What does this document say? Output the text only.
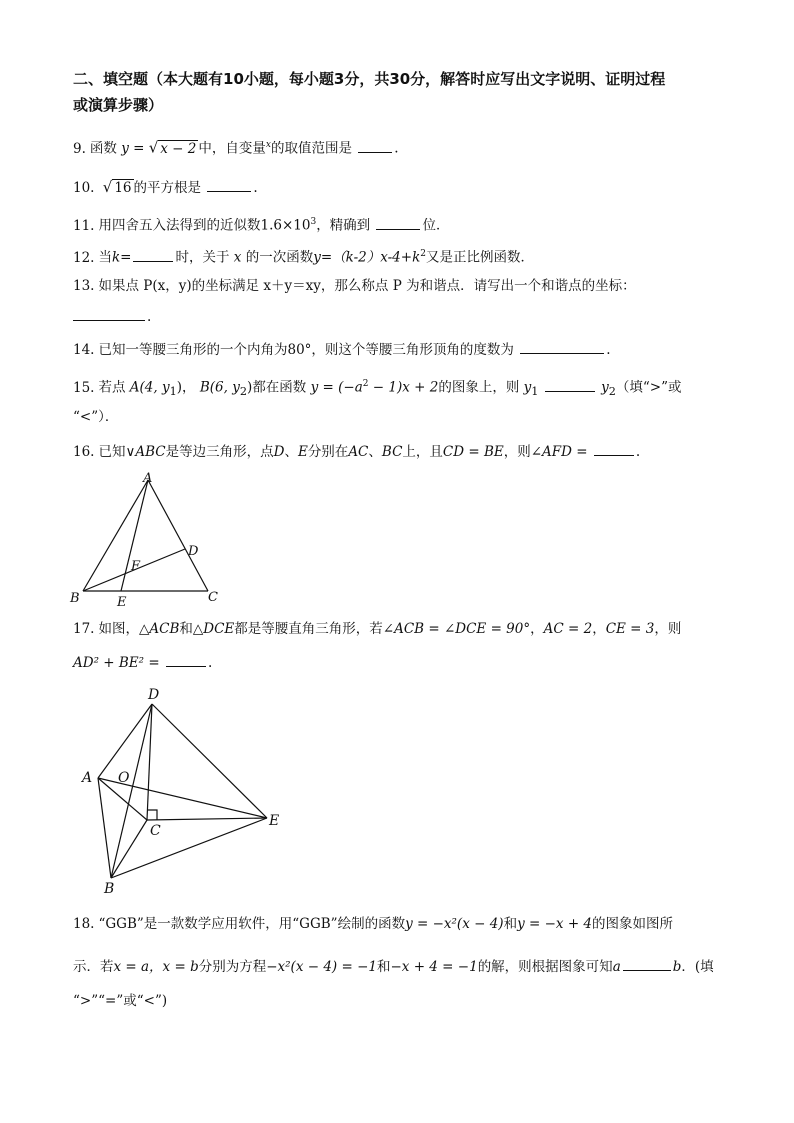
二、填空题（本大题有10小题，每小题3分，共30分，解答时应写出文字说明、证明过程
或演算步骤）
9. 函数 y = √ x − 2 中，自变量$^x$的取值范围是	.
10. √ 16 的平方根是	.
11. 用四舍五入法得到的近似数$1.6\times 10^3$，精确到	位．
12. 当k=	时，关于 x 的一次函数$y=(k-2)x-4+k^2$又是正比例函数．
13. 如果点 P(x，y)的坐标满足 x＋y＝xy，那么称点 P 为和谐点．请写出一个和谐点的坐标：
.
14. 已知一等腰三角形的一个内角为80°，则这个等腰三角形顶角的度数为	.
15. 若点 A(4, $y_1$)， B(6, $y_2$)都在函数 $y = (-a^2 - 1)x + 2$的图象上，则 $y_1$	$y_2$（填“>”或
“<”）．
16. 已知∨ABC是等边三角形，点D、E分别在AC、BC上，且CD = BE，则∠AFD =	.
A
B	C
D
E
F
17. 如图，△ACB和△DCE都是等腰直角三角形，若∠ACB = ∠DCE = 90°，AC = 2，CE = 3，则
AD² + BE² =	.
D
A O
C
E
B
18. “GGB”是一款数学应用软件，用“GGB”绘制的函数y = −x²(x − 4)和y = −x + 4的图象如图所
示．若x = a，x = b分别为方程−x²(x − 4) = −1和−x + 4 = −1的解，则根据图象可知a	b．(填
“>”“=”或“<”)
